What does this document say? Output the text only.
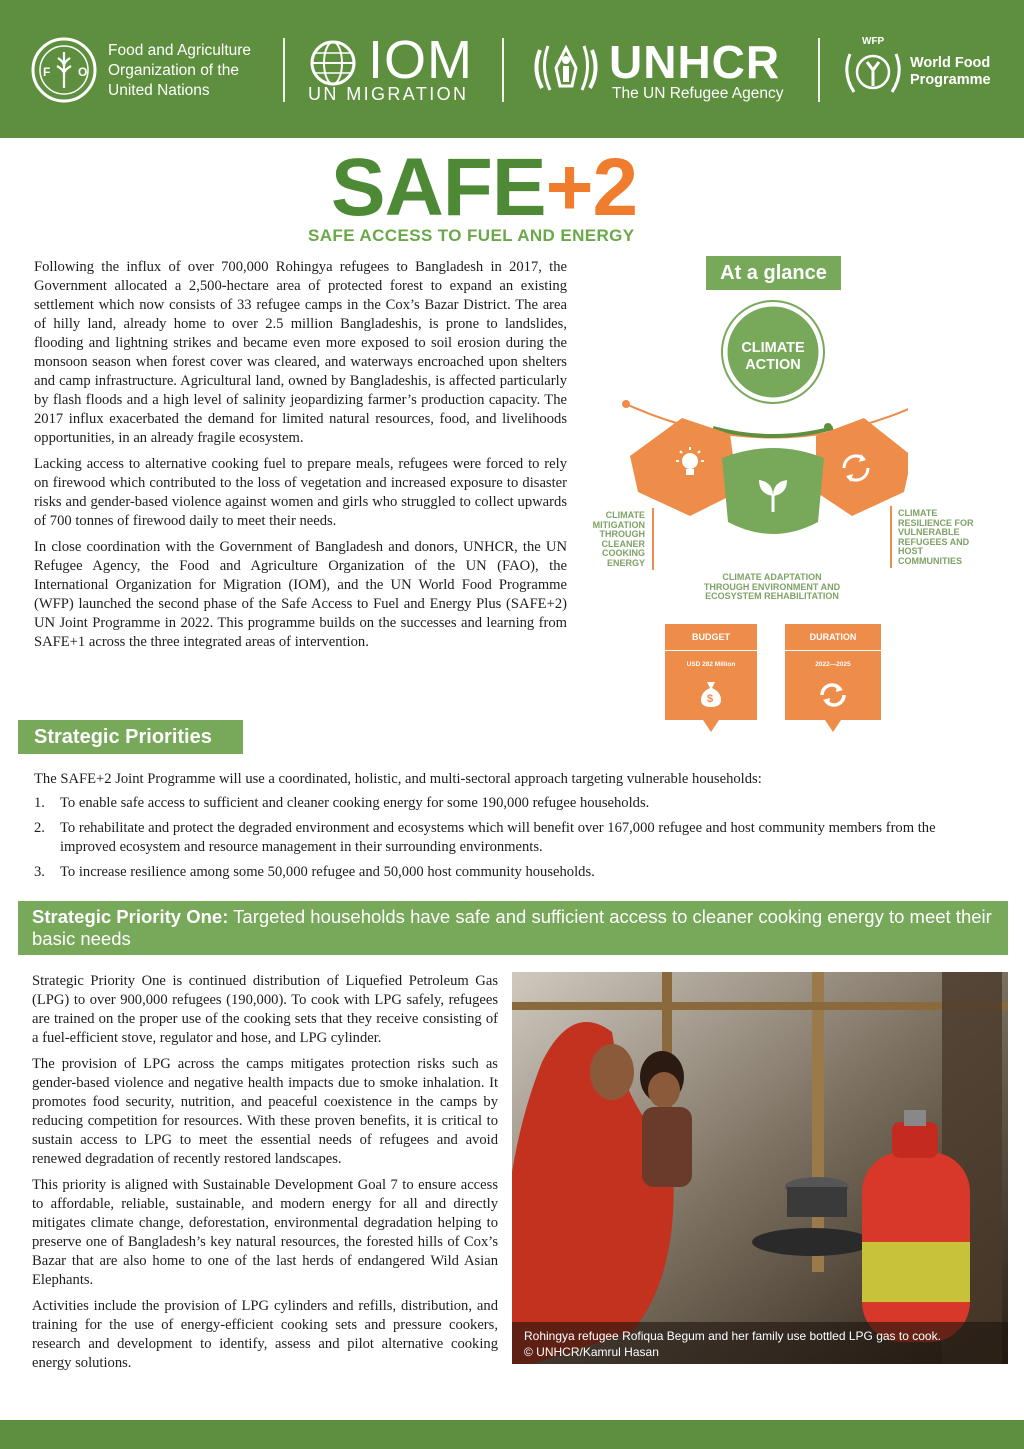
F O
Food and Agriculture
Organization of the
United Nations
IOM
UN MIGRATION
UNHCR
The UN Refugee Agency
WFP
World Food
Programme
SAFE+2
SAFE ACCESS TO FUEL AND ENERGY

Following the influx of over 700,000 Rohingya refugees to Bangladesh in 2017, the Government allocated a 2,500-hectare area of protected forest to expand an existing settlement which now consists of 33 refugee camps in the Cox’s Bazar District. The area of hilly land, already home to over 2.5 million Bangladeshis, is prone to landslides, flooding and lightning strikes and became even more exposed to soil erosion during the monsoon season when forest cover was cleared, and waterways encroached upon shelters and camp infrastructure. Agricultural land, owned by Bangladeshis, is affected particularly by flash floods and a high level of salinity jeopardizing farmer’s production capacity. The 2017 influx exacerbated the demand for limited natural resources, food, and livelihoods opportunities, in an already fragile ecosystem.

Lacking access to alternative cooking fuel to prepare meals, refugees were forced to rely on firewood which contributed to the loss of vegetation and increased exposure to disaster risks and gender-based violence against women and girls who struggled to collect upwards of 700 tonnes of firewood daily to meet their needs.

In close coordination with the Government of Bangladesh and donors, UNHCR, the UN Refugee Agency, the Food and Agriculture Organization of the UN (FAO), the International Organization for Migration (IOM), and the UN World Food Programme (WFP) launched the second phase of the Safe Access to Fuel and Energy Plus (SAFE+2) UN Joint Programme in 2022. This programme builds on the successes and learning from SAFE+1 across the three integrated areas of intervention.

At a glance
CLIMATE
ACTION
CLIMATE
MITIGATION
THROUGH
CLEANER
COOKING
ENERGY
CLIMATE
RESILIENCE FOR
VULNERABLE
REFUGEES AND
HOST
COMMUNITIES
CLIMATE ADAPTATION
THROUGH ENVIRONMENT AND
ECOSYSTEM REHABILITATION
BUDGET
USD 282 Million
$
DURATION
2022—2025
Strategic Priorities
The SAFE+2 Joint Programme will use a coordinated, holistic, and multi-sectoral approach targeting vulnerable households:
1.	To enable safe access to sufficient and cleaner cooking energy for some 190,000 refugee households.
2.	To rehabilitate and protect the degraded environment and ecosystems which will benefit over 167,000 refugee and host community members from the improved ecosystem and resource management in their surrounding environments.
3.	To increase resilience among some 50,000 refugee and 50,000 host community households.
Strategic Priority One: Targeted households have safe and sufficient access to cleaner cooking energy to meet their basic needs

Strategic Priority One is continued distribution of Liquefied Petroleum Gas (LPG) to over 900,000 refugees (190,000). To cook with LPG safely, refugees are trained on the proper use of the cooking sets that they receive consisting of a fuel-efficient stove, regulator and hose, and LPG cylinder.

The provision of LPG across the camps mitigates protection risks such as gender-based violence and negative health impacts due to smoke inhalation. It promotes food security, nutrition, and peaceful coexistence in the camps by reducing competition for resources. With these proven benefits, it is critical to sustain access to LPG to meet the essential needs of refugees and avoid renewed degradation of recently restored landscapes.

This priority is aligned with Sustainable Development Goal 7 to ensure access to affordable, reliable, sustainable, and modern energy for all and directly mitigates climate change, deforestation, environmental degradation helping to preserve one of Bangladesh’s key natural resources, the forested hills of Cox’s Bazar that are also home to one of the last herds of endangered Wild Asian Elephants.

Activities include the provision of LPG cylinders and refills, distribution, and training for the use of energy-efficient cooking sets and pressure cookers, research and development to identify, assess and pilot alternative cooking energy solutions.

Rohingya refugee Rofiqua Begum and her family use bottled LPG gas to cook.
© UNHCR/Kamrul Hasan
